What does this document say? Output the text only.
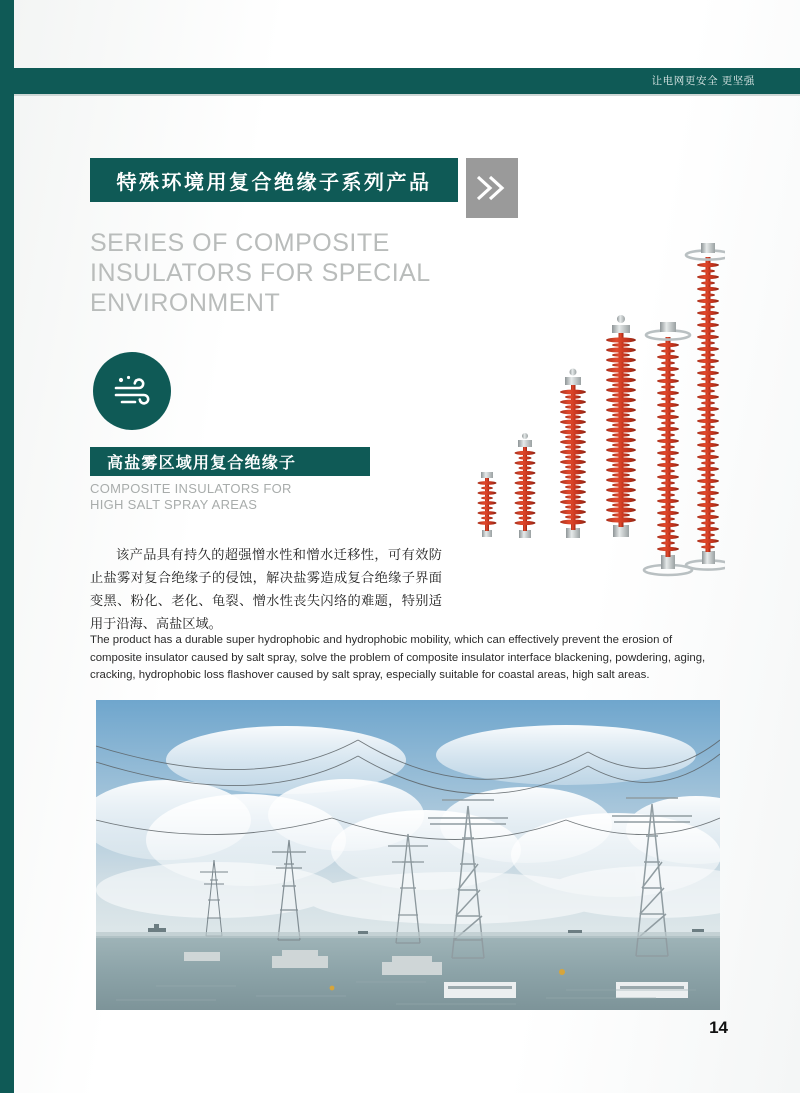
让电网更安全 更坚强
特殊环境用复合绝缘子系列产品
SERIES OF COMPOSITE
INSULATORS FOR SPECIAL
ENVIRONMENT
高盐雾区域用复合绝缘子
COMPOSITE INSULATORS FOR
HIGH SALT SPRAY AREAS

该产品具有持久的超强憎水性和憎水迁移性，可有效防止盐雾对复合绝缘子的侵蚀，解决盐雾造成复合绝缘子界面变黑、粉化、老化、龟裂、憎水性丧失闪络的难题，特别适用于沿海、高盐区域。

The product has a durable super hydrophobic and hydrophobic mobility, which can effectively prevent the erosion of composite insulator caused by salt spray, solve the problem of composite insulator interface blackening, powdering, aging, cracking, hydrophobic loss flashover caused by salt spray, especially suitable for coastal areas, high salt areas.

14
